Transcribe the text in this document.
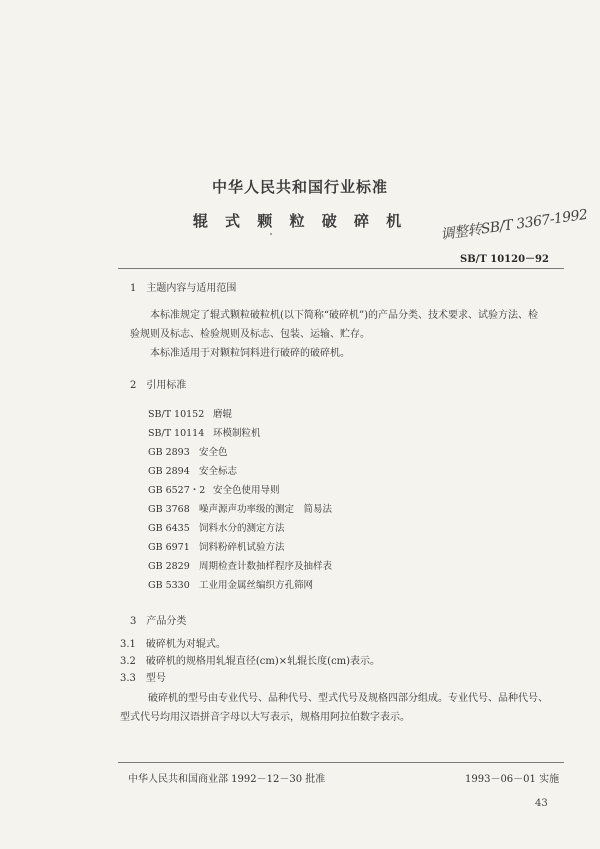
中华人民共和国行业标准
辊 式 颗 粒 破 碎 机	调整转SB/T 3367-1992
SB/T 10120－92
1　主题内容与适用范围
本标准规定了辊式颗粒破粒机(以下简称“破碎机”)的产品分类、技术要求、试验方法、检
验规则及标志、检验规则及标志、包装、运输、贮存。
本标准适用于对颗粒饲料进行破碎的破碎机。
2　引用标准
SB/T 10152 磨辊
SB/T 10114 环模制粒机
GB 2893 安全色
GB 2894 安全标志
GB 6527・2 安全色使用导则
GB 3768 噪声源声功率级的测定　简易法
GB 6435 饲料水分的测定方法
GB 6971 饲料粉碎机试验方法
GB 2829 周期检查计数抽样程序及抽样表
GB 5330 工业用金属丝编织方孔筛网
3　产品分类
3.1　破碎机为对辊式。
3.2　破碎机的规格用轧辊直径(cm)×轧辊长度(cm)表示。
3.3　型号
破碎机的型号由专业代号、品种代号、型式代号及规格四部分组成。专业代号、品种代号、
型式代号均用汉语拼音字母以大写表示，规格用阿拉伯数字表示。
中华人民共和国商业部 1992－12－30 批准	1993－06－01 实施
43
